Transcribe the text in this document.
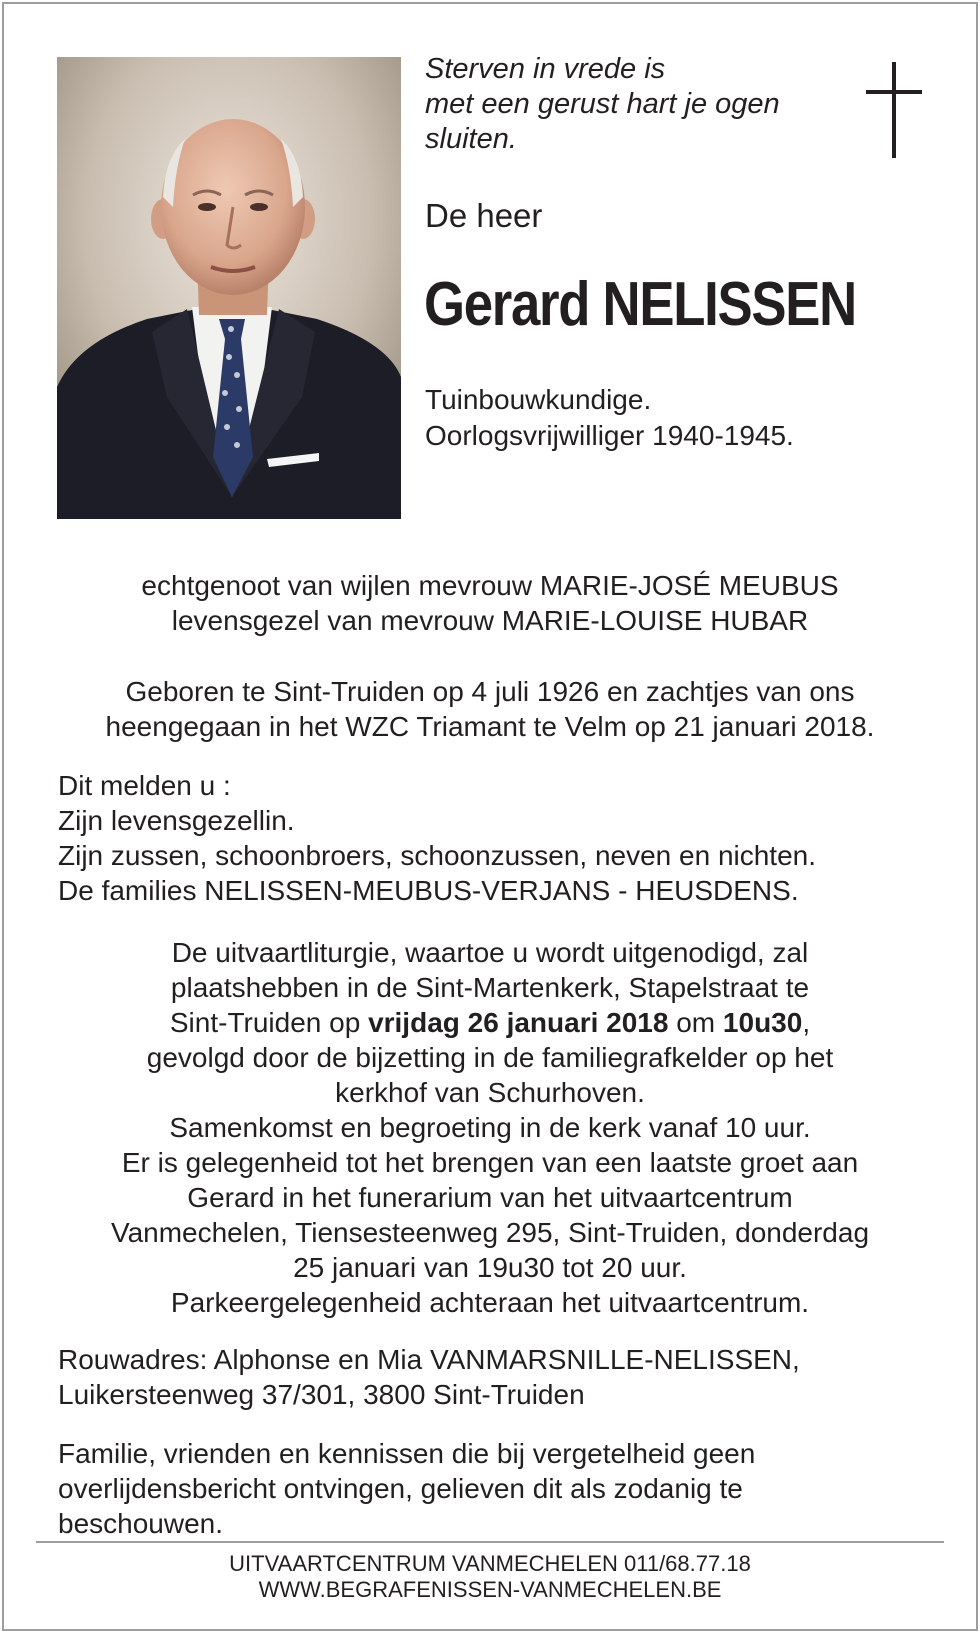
Sterven in vrede is
met een gerust hart je ogen
sluiten.
De heer
Gerard NELISSEN
Tuinbouwkundige.
Oorlogsvrijwilliger 1940-1945.
echtgenoot van wijlen mevrouw MARIE-JOSÉ MEUBUS
levensgezel van mevrouw MARIE-LOUISE HUBAR
Geboren te Sint-Truiden op 4 juli 1926 en zachtjes van ons
heengegaan in het WZC Triamant te Velm op 21 januari 2018.
Dit melden u :
Zijn levensgezellin.
Zijn zussen, schoonbroers, schoonzussen, neven en nichten.
De families NELISSEN-MEUBUS-VERJANS - HEUSDENS.
De uitvaartliturgie, waartoe u wordt uitgenodigd, zal
plaatshebben in de Sint-Martenkerk, Stapelstraat te
Sint-Truiden op vrijdag 26 januari 2018 om 10u30,
gevolgd door de bijzetting in de familiegrafkelder op het
kerkhof van Schurhoven.
Samenkomst en begroeting in de kerk vanaf 10 uur.
Er is gelegenheid tot het brengen van een laatste groet aan
Gerard in het funerarium van het uitvaartcentrum
Vanmechelen, Tiensesteenweg 295, Sint-Truiden, donderdag
25 januari van 19u30 tot 20 uur.
Parkeergelegenheid achteraan het uitvaartcentrum.
Rouwadres: Alphonse en Mia VANMARSNILLE-NELISSEN,
Luikersteenweg 37/301, 3800 Sint-Truiden
Familie, vrienden en kennissen die bij vergetelheid geen
overlijdensbericht ontvingen, gelieven dit als zodanig te
beschouwen.
UITVAARTCENTRUM VANMECHELEN 011/68.77.18
WWW.BEGRAFENISSEN-VANMECHELEN.BE
